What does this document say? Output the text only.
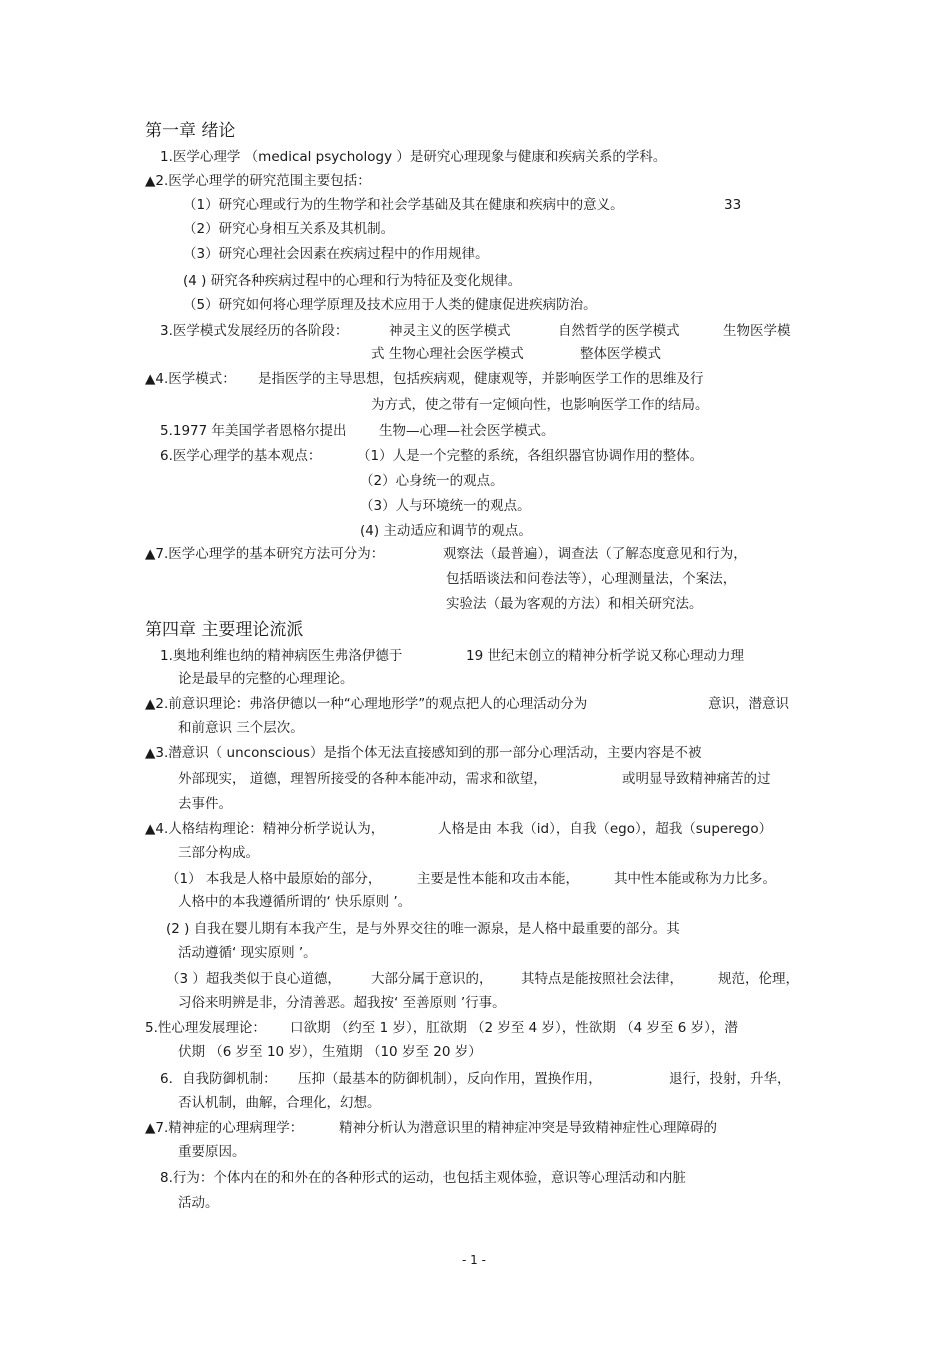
第一章 绪论
1.医学心理学 （medical psychology ）是研究心理现象与健康和疾病关系的学科。
▲2.医学心理学的研究范围主要包括：
（1）研究心理或行为的生物学和社会学基础及其在健康和疾病中的意义。	33
（2）研究心身相互关系及其机制。
（3）研究心理社会因素在疾病过程中的作用规律。
(4 ) 研究各种疾病过程中的心理和行为特征及变化规律。
（5）研究如何将心理学原理及技术应用于人类的健康促进疾病防治。
3.医学模式发展经历的各阶段：	神灵主义的医学模式	自然哲学的医学模式	生物医学模
式 生物心理社会医学模式	整体医学模式
▲4.医学模式： 是指医学的主导思想，包括疾病观，健康观等，并影响医学工作的思维及行
为方式，使之带有一定倾向性，也影响医学工作的结局。
5.1977 年美国学者恩格尔提出 生物—心理—社会医学模式。
6.医学心理学的基本观点：	（1）人是一个完整的系统，各组织器官协调作用的整体。
（2）心身统一的观点。
（3）人与环境统一的观点。
(4) 主动适应和调节的观点。
▲7.医学心理学的基本研究方法可分为：	观察法（最普遍），调查法（了解态度意见和行为，
包括晤谈法和问卷法等），心理测量法，个案法，
实验法（最为客观的方法）和相关研究法。
第四章 主要理论流派
1.奥地利维也纳的精神病医生弗洛伊德于	19 世纪末创立的精神分析学说又称心理动力理
论是最早的完整的心理理论。
▲2.前意识理论：弗洛伊德以一种“心理地形学”的观点把人的心理活动分为	意识，潜意识
和前意识 三个层次。
▲3.潜意识（ unconscious）是指个体无法直接感知到的那一部分心理活动，主要内容是不被
外部现实， 道德，理智所接受的各种本能冲动，需求和欲望，	或明显导致精神痛苦的过
去事件。
▲4.人格结构理论：精神分析学说认为，	人格是由 本我（id），自我（ego），超我（superego）
三部分构成。
（1） 本我是人格中最原始的部分，	主要是性本能和攻击本能，	其中性本能或称为力比多。
人格中的本我遵循所谓的‘ 快乐原则 ’。
(2 ) 自我在婴儿期有本我产生，是与外界交往的唯一源泉，是人格中最重要的部分。其
活动遵循‘ 现实原则 ’。
（3 ）超我类似于良心道德， 大部分属于意识的， 其特点是能按照社会法律，	规范，伦理，
习俗来明辨是非，分清善恶。超我按‘ 至善原则 ’行事。
5.性心理发展理论： 口欲期 （约至 1 岁），肛欲期 （2 岁至 4 岁），性欲期 （4 岁至 6 岁），潜
伏期 （6 岁至 10 岁），生殖期 （10 岁至 20 岁）
6．自我防御机制： 压抑（最基本的防御机制），反向作用，置换作用，	退行，投射，升华，
否认机制，曲解，合理化，幻想。
▲7.精神症的心理病理学：	精神分析认为潜意识里的精神症冲突是导致精神症性心理障碍的
重要原因。
8.行为：个体内在的和外在的各种形式的运动，也包括主观体验，意识等心理活动和内脏
活动。
- 1 -
